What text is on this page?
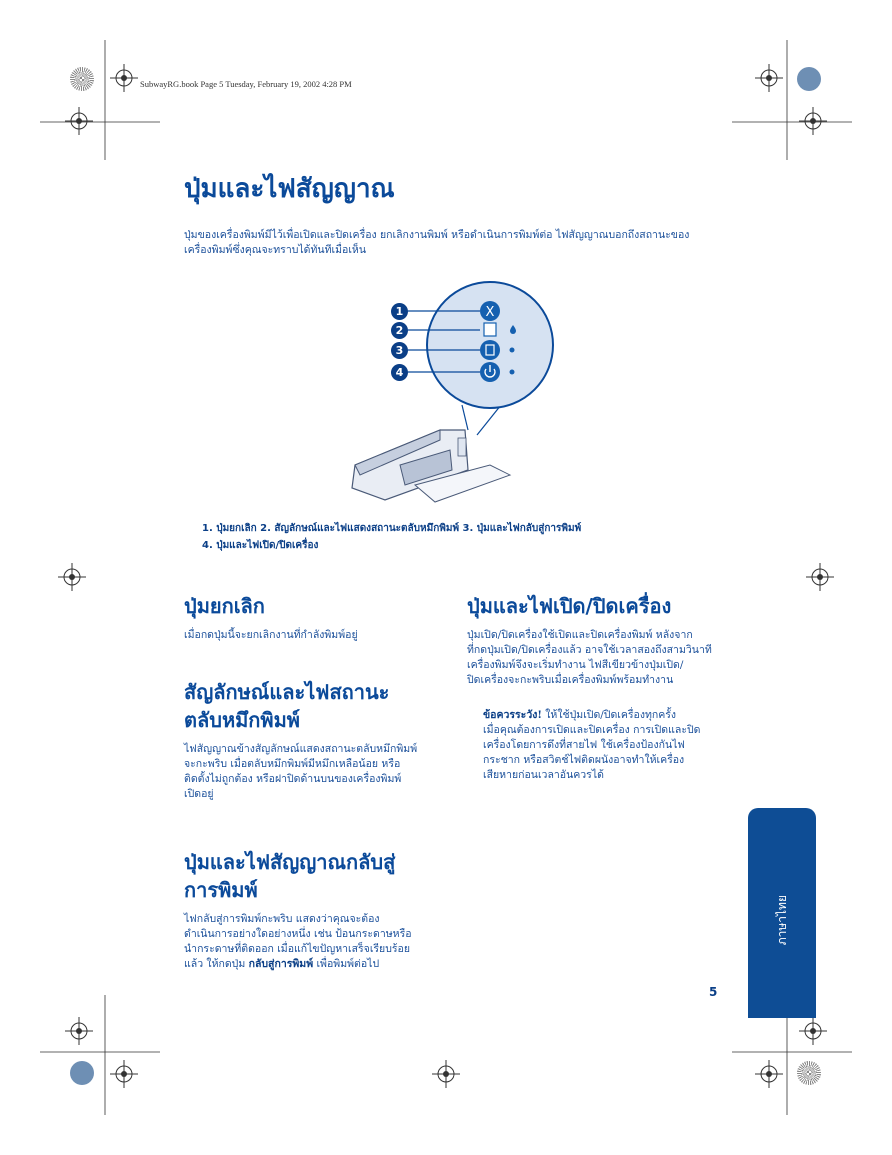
SubwayRG.book Page 5 Tuesday, February 19, 2002 4:28 PM
ปุ่มและไฟสัญญาณ
ปุ่มของเครื่องพิมพ์มีไว้เพื่อเปิดและปิดเครื่อง ยกเลิกงานพิมพ์ หรือดำเนินการพิมพ์ต่อ ไฟสัญญาณบอกถึงสถานะของ
เครื่องพิมพ์ซึ่งคุณจะทราบได้ทันทีเมื่อเห็น
X
1
2
3
4
1. ปุ่มยกเลิก 2. สัญลักษณ์และไฟแสดงสถานะตลับหมึกพิมพ์ 3. ปุ่มและไฟกลับสู่การพิมพ์
4. ปุ่มและไฟเปิด/ปิดเครื่อง
ปุ่มยกเลิก
เมื่อกดปุ่มนี้จะยกเลิกงานที่กำลังพิมพ์อยู่
สัญลักษณ์และไฟสถานะ
ตลับหมึกพิมพ์
ไฟสัญญาณข้างสัญลักษณ์แสดงสถานะตลับหมึกพิมพ์
จะกะพริบ เมื่อตลับหมึกพิมพ์มีหมึกเหลือน้อย หรือ
ติดตั้งไม่ถูกต้อง หรือฝาปิดด้านบนของเครื่องพิมพ์
เปิดอยู่
ปุ่มและไฟสัญญาณกลับสู่
การพิมพ์
ไฟกลับสู่การพิมพ์กะพริบ แสดงว่าคุณจะต้อง
ดำเนินการอย่างใดอย่างหนึ่ง เช่น ป้อนกระดาษหรือ
นำกระดาษที่ติดออก เมื่อแก้ไขปัญหาเสร็จเรียบร้อย
แล้ว ให้กดปุ่ม กลับสู่การพิมพ์ เพื่อพิมพ์ต่อไป
ปุ่มและไฟเปิด/ปิดเครื่อง
ปุ่มเปิด/ปิดเครื่องใช้เปิดและปิดเครื่องพิมพ์ หลังจาก
ที่กดปุ่มเปิด/ปิดเครื่องแล้ว อาจใช้เวลาสองถึงสามวินาที
เครื่องพิมพ์จึงจะเริ่มทำงาน ไฟสีเขียวข้างปุ่มเปิด/
ปิดเครื่องจะกะพริบเมื่อเครื่องพิมพ์พร้อมทำงาน
ข้อควรระวัง! ให้ใช้ปุ่มเปิด/ปิดเครื่องทุกครั้ง
เมื่อคุณต้องการเปิดและปิดเครื่อง การเปิดและปิด
เครื่องโดยการดึงที่สายไฟ ใช้เครื่องป้องกันไฟ
กระชาก หรือสวิตช์ไฟติดผนังอาจทำให้เครื่อง
เสียหายก่อนเวลาอันควรได้
ภาษาไทย
5
